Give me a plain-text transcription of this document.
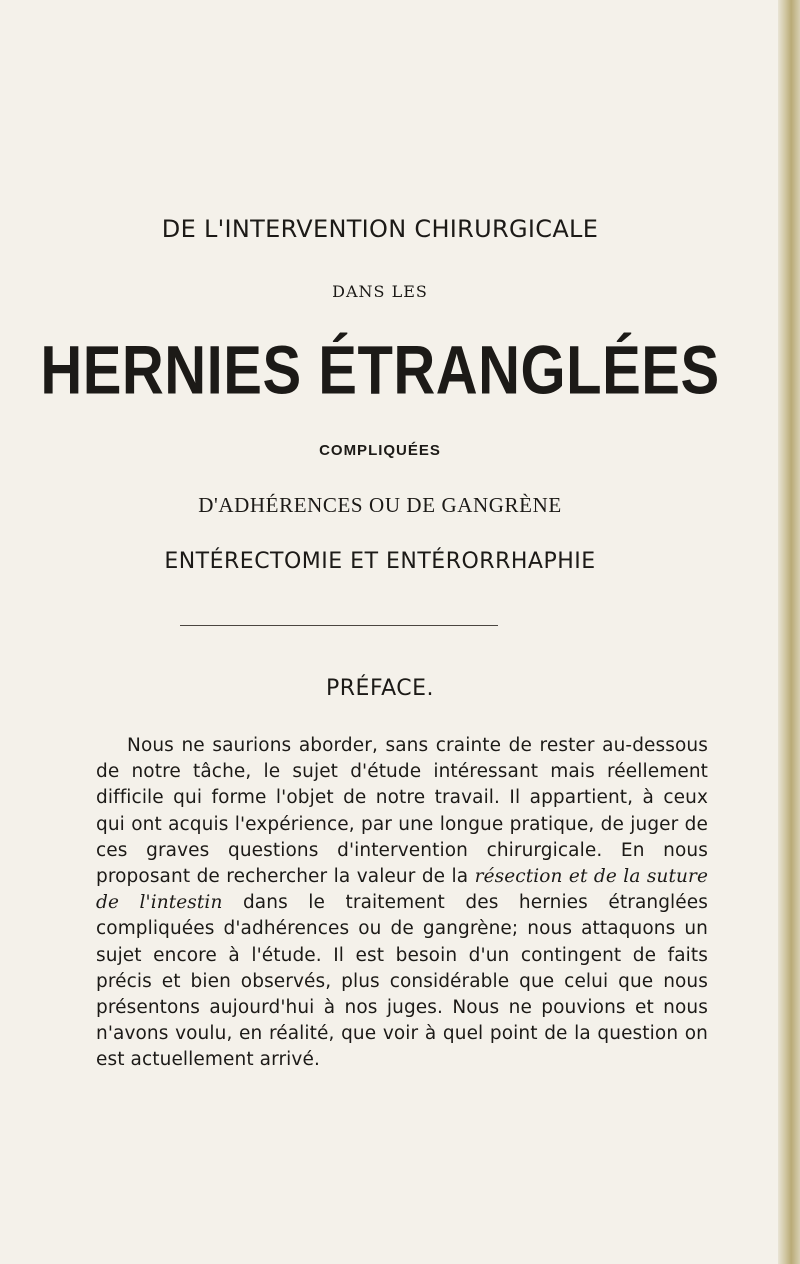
DE L'INTERVENTION CHIRURGICALE
DANS LES
HERNIES ÉTRANGLÉES
COMPLIQUÉES
D'ADHÉRENCES OU DE GANGRÈNE
ENTÉRECTOMIE ET ENTÉRORRHAPHIE
PRÉFACE.

Nous ne saurions aborder, sans crainte de rester au-dessous de notre tâche, le sujet d'étude intéressant mais réellement difficile qui forme l'objet de notre travail. Il appartient, à ceux qui ont acquis l'expérience, par une longue pratique, de juger de ces graves questions d'intervention chirurgicale. En nous proposant de rechercher la valeur de la résection et de la suture de l'intestin dans le traitement des hernies étranglées compliquées d'adhérences ou de gangrène; nous attaquons un sujet encore à l'étude. Il est besoin d'un contingent de faits précis et bien observés, plus considérable que celui que nous présentons aujourd'hui à nos juges. Nous ne pouvions et nous n'avons voulu, en réalité, que voir à quel point de la question on est actuellement arrivé.
